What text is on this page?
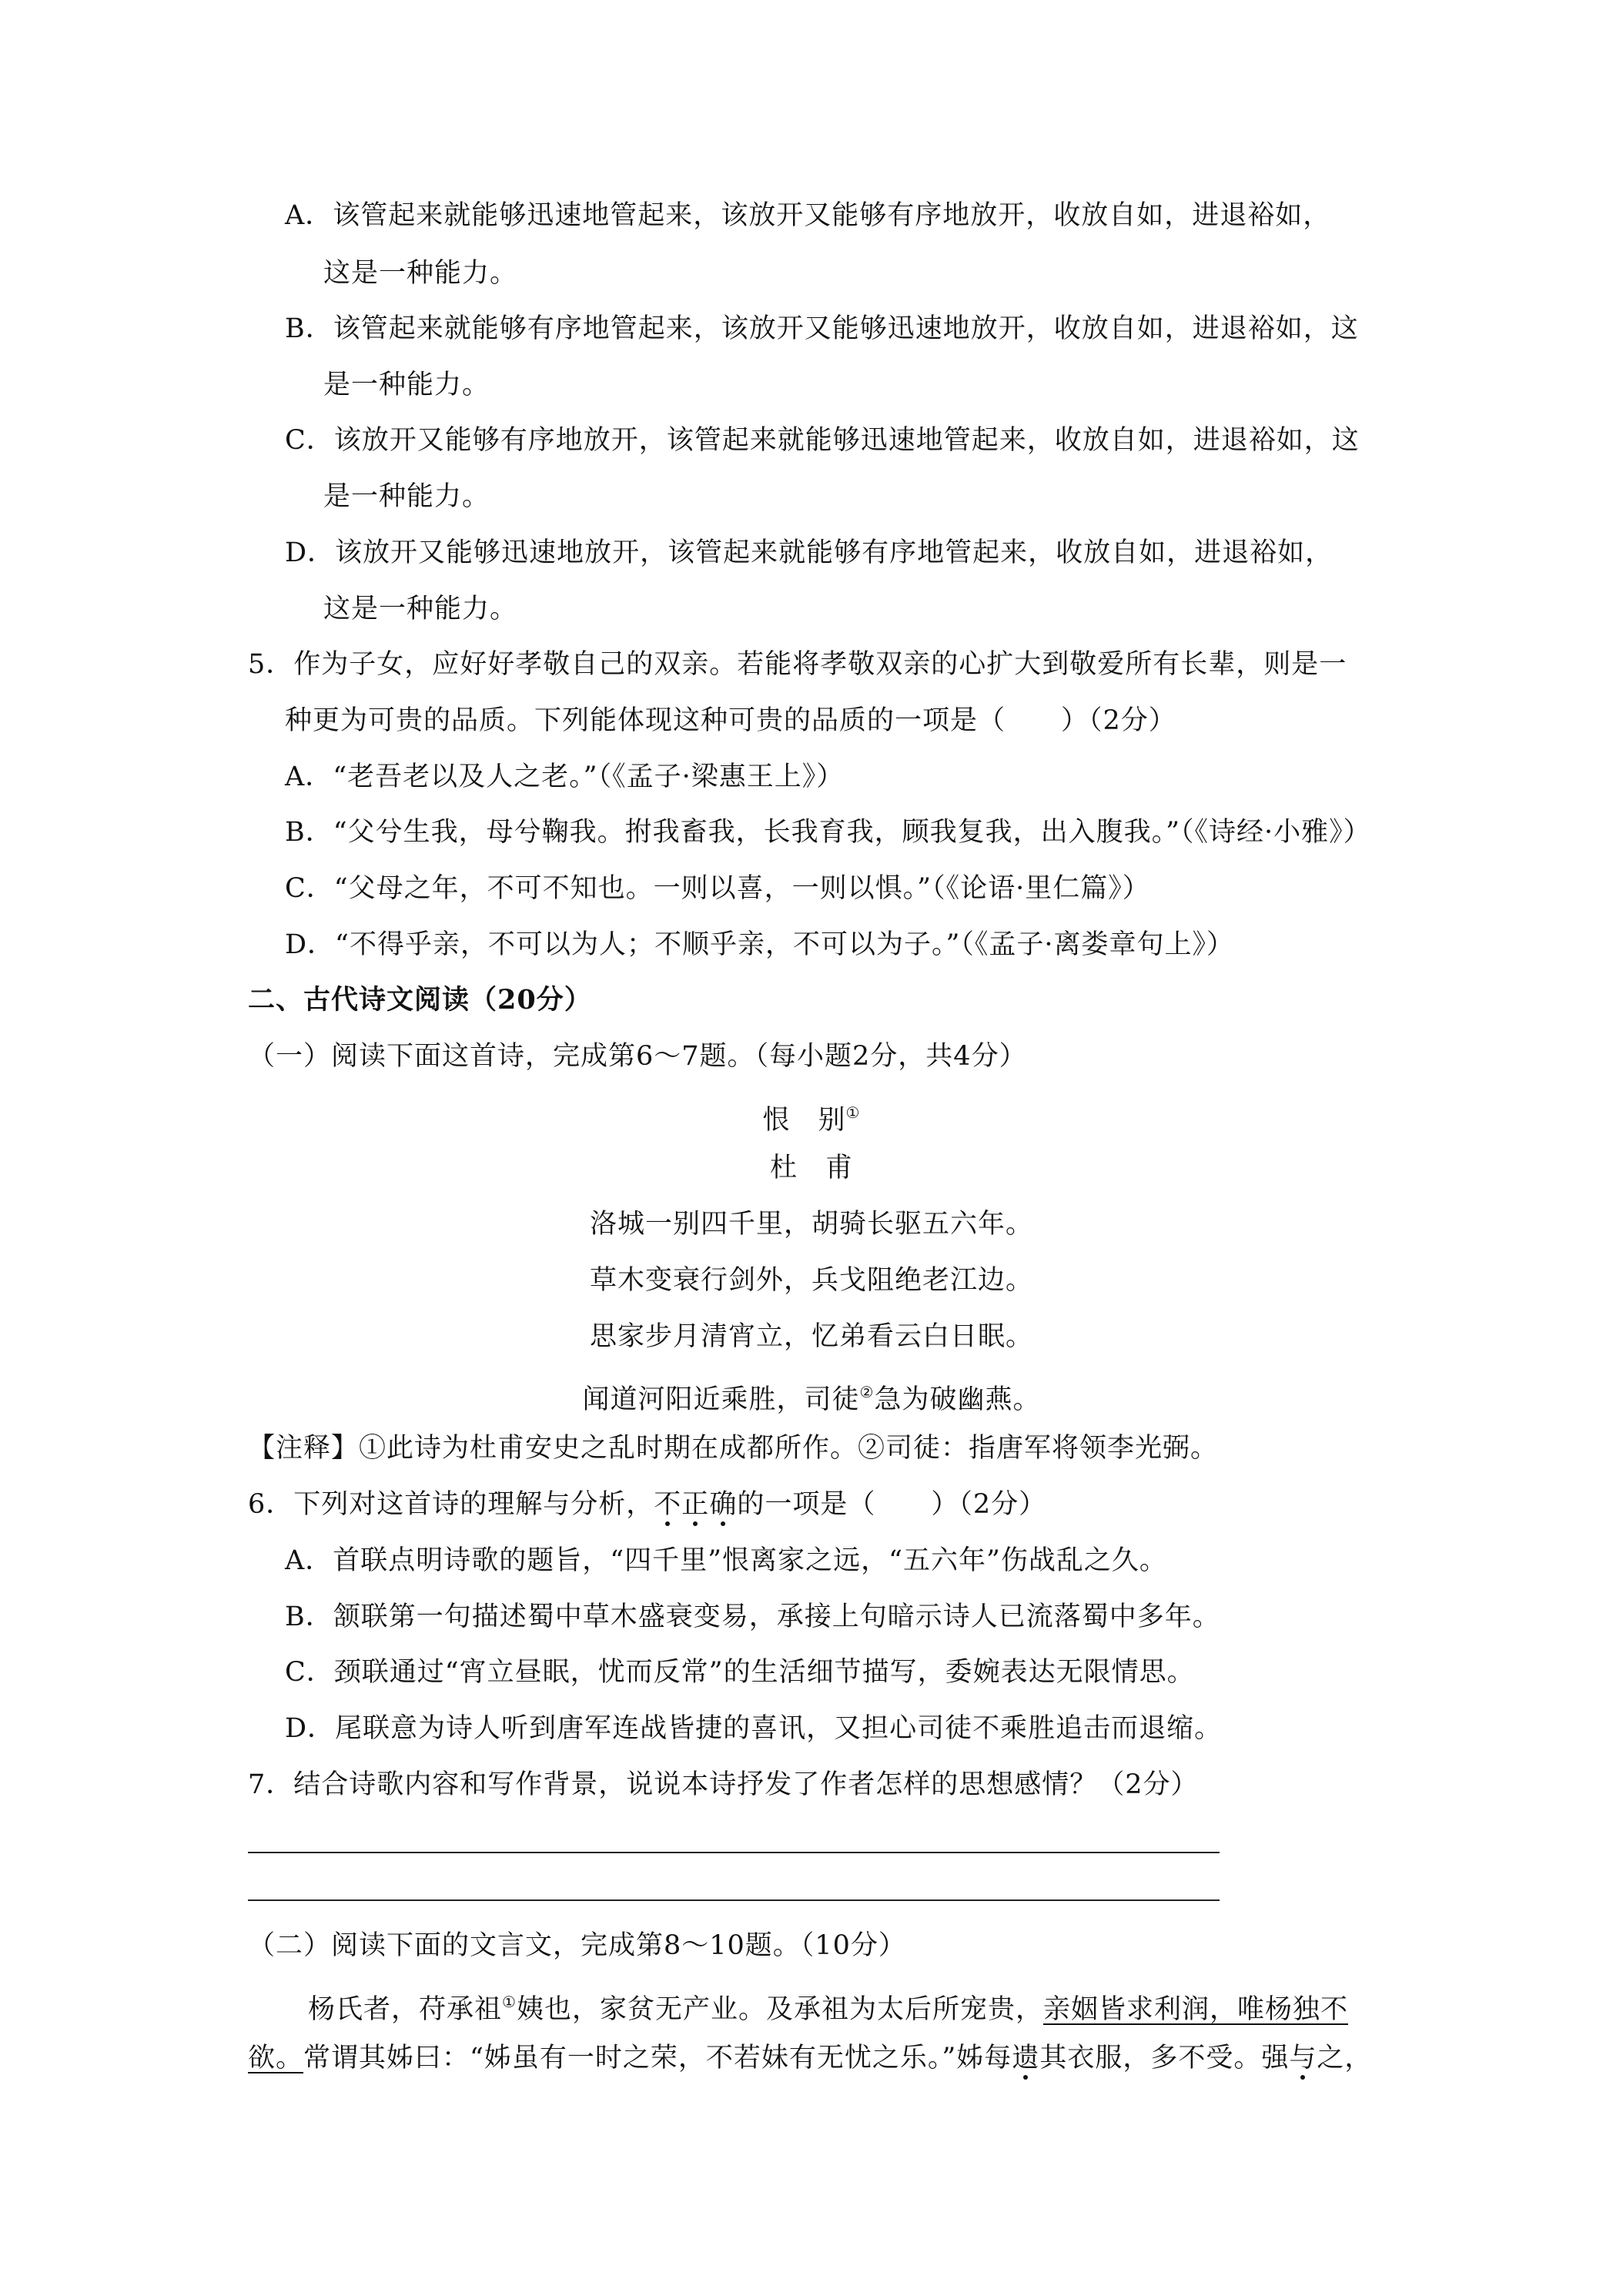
A．该管起来就能够迅速地管起来，该放开又能够有序地放开，收放自如，进退裕如，
这是一种能力。
B．该管起来就能够有序地管起来，该放开又能够迅速地放开，收放自如，进退裕如，这
是一种能力。
C．该放开又能够有序地放开，该管起来就能够迅速地管起来，收放自如，进退裕如，这
是一种能力。
D．该放开又能够迅速地放开，该管起来就能够有序地管起来，收放自如，进退裕如，
这是一种能力。
5．作为子女，应好好孝敬自己的双亲。若能将孝敬双亲的心扩大到敬爱所有长辈，则是一
种更为可贵的品质。下列能体现这种可贵的品质的一项是（　　）（2分）
A．“老吾老以及人之老。”（《孟子·梁惠王上》）
B．“父兮生我，母兮鞠我。拊我畜我，长我育我，顾我复我，出入腹我。”（《诗经·小雅》）
C．“父母之年，不可不知也。一则以喜，一则以惧。”（《论语·里仁篇》）
D．“不得乎亲，不可以为人；不顺乎亲，不可以为子。”（《孟子·离娄章句上》）
二、古代诗文阅读（20分）
（一）阅读下面这首诗，完成第6～7题。（每小题2分，共4分）
恨　别①
杜　甫
洛城一别四千里，胡骑长驱五六年。
草木变衰行剑外，兵戈阻绝老江边。
思家步月清宵立，忆弟看云白日眠。
闻道河阳近乘胜，司徒②急为破幽燕。
【注释】①此诗为杜甫安史之乱时期在成都所作。②司徒：指唐军将领李光弼。
6．下列对这首诗的理解与分析，不正确的一项是（　　）（2分）
A．首联点明诗歌的题旨，“四千里”恨离家之远，“五六年”伤战乱之久。
B．颔联第一句描述蜀中草木盛衰变易，承接上句暗示诗人已流落蜀中多年。
C．颈联通过“宵立昼眠，忧而反常”的生活细节描写，委婉表达无限情思。
D．尾联意为诗人听到唐军连战皆捷的喜讯，又担心司徒不乘胜追击而退缩。
7．结合诗歌内容和写作背景，说说本诗抒发了作者怎样的思想感情？（2分）
（二）阅读下面的文言文，完成第8～10题。（10分）
杨氏者，苻承祖①姨也，家贫无产业。及承祖为太后所宠贵，亲姻皆求利润，唯杨独不
欲。常谓其姊曰：“姊虽有一时之荣，不若妹有无忧之乐。”姊每遗其衣服，多不受。强与之，
